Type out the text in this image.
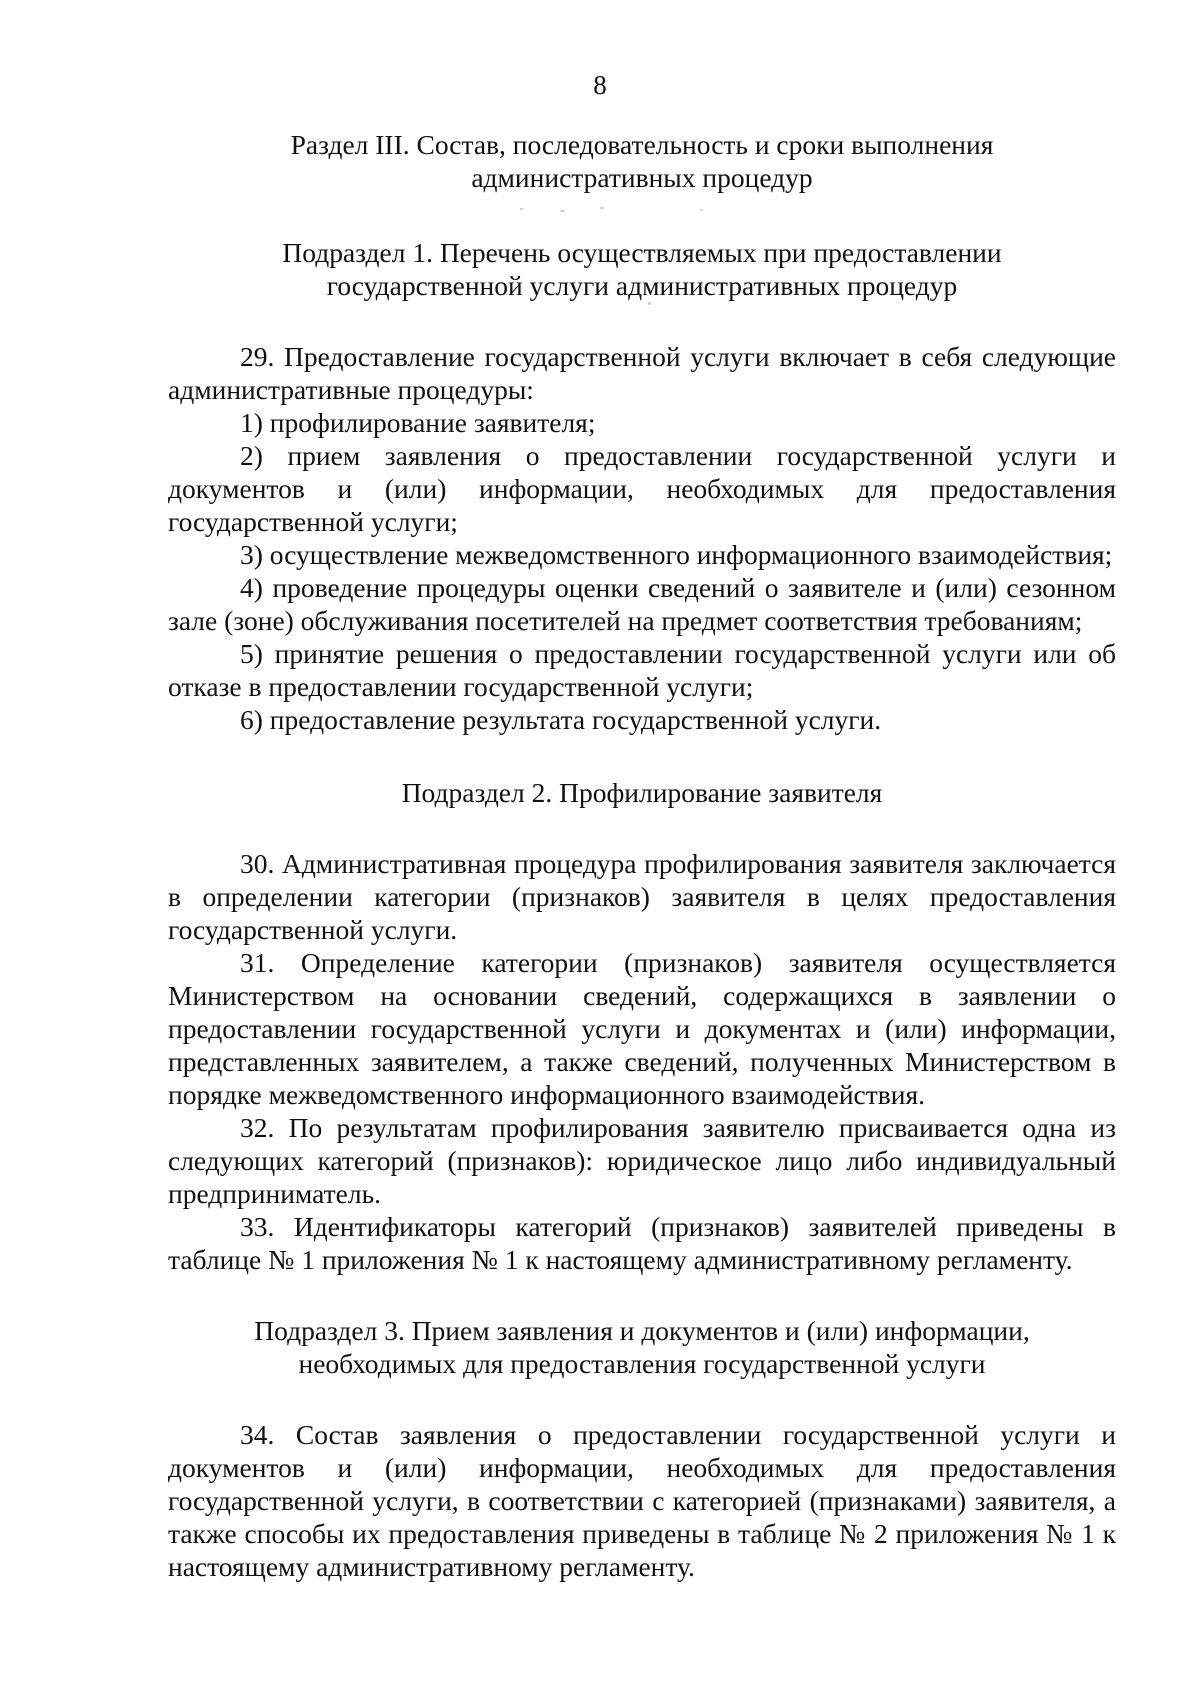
8
Раздел III. Состав, последовательность и сроки выполнения
административных процедур
Подраздел 1. Перечень осуществляемых при предоставлении
государственной услуги административных процедур

29. Предоставление государственной услуги включает в себя следующие административные процедуры:

1) профилирование заявителя;

2) прием заявления о предоставлении государственной услуги и документов и (или) информации, необходимых для предоставления государственной услуги;

3) осуществление межведомственного информационного взаимодействия;

4) проведение процедуры оценки сведений о заявителе и (или) сезонном зале (зоне) обслуживания посетителей на предмет соответствия требованиям;

5) принятие решения о предоставлении государственной услуги или об отказе в предоставлении государственной услуги;

6) предоставление результата государственной услуги.

Подраздел 2. Профилирование заявителя

30. Административная процедура профилирования заявителя заключается в определении категории (признаков) заявителя в целях предоставления государственной услуги.

31. Определение категории (признаков) заявителя осуществляется Министерством на основании сведений, содержащихся в заявлении о предоставлении государственной услуги и документах и (или) информации, представленных заявителем, а также сведений, полученных Министерством в порядке межведомственного информационного взаимодействия.

32. По результатам профилирования заявителю присваивается одна из следующих категорий (признаков): юридическое лицо либо индивидуальный предприниматель.

33. Идентификаторы категорий (признаков) заявителей приведены в таблице № 1 приложения № 1 к настоящему административному регламенту.

Подраздел 3. Прием заявления и документов и (или) информации,
необходимых для предоставления государственной услуги

34. Состав заявления о предоставлении государственной услуги и документов и (или) информации, необходимых для предоставления государственной услуги, в соответствии с категорией (признаками) заявителя, а также способы их предоставления приведены в таблице № 2 приложения № 1 к настоящему административному регламенту.
